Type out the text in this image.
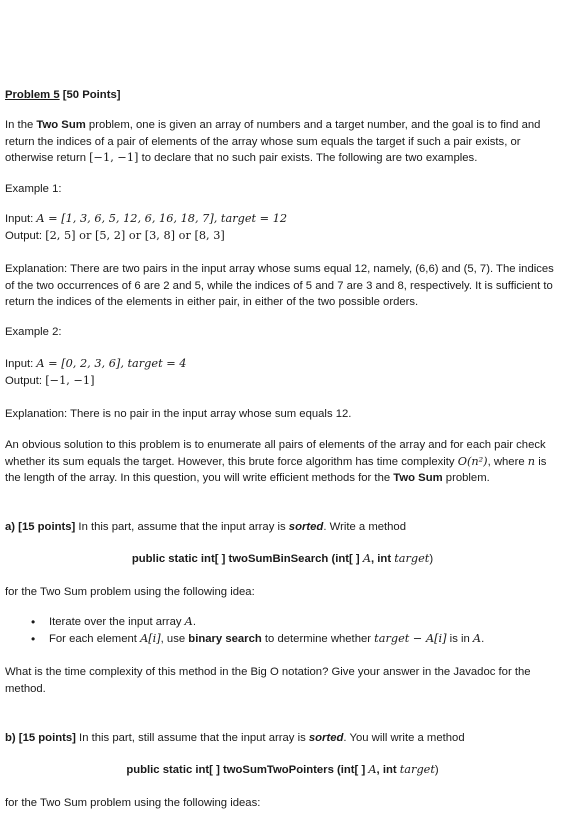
Problem 5 [50 Points]

In the Two Sum problem, one is given an array of numbers and a target number, and the goal is to find and return the indices of a pair of elements of the array whose sum equals the target if such a pair exists, or otherwise return [−1, −1] to declare that no such pair exists. The following are two examples.

Example 1:

Input: A = [1, 3, 6, 5, 12, 6, 16, 18, 7], target = 12

Output: [2, 5] or [5, 2] or [3, 8] or [8, 3]

Explanation: There are two pairs in the input array whose sums equal 12, namely, (6,6) and (5, 7). The indices of the two occurrences of 6 are 2 and 5, while the indices of 5 and 7 are 3 and 8, respectively. It is sufficient to return the indices of the elements in either pair, in either of the two possible orders.

Example 2:

Input: A = [0, 2, 3, 6], target = 4

Output: [−1, −1]

Explanation: There is no pair in the input array whose sum equals 12.

An obvious solution to this problem is to enumerate all pairs of elements of the array and for each pair check whether its sum equals the target. However, this brute force algorithm has time complexity O(n²), where n is the length of the array. In this question, you will write efficient methods for the Two Sum problem.

a) [15 points] In this part, assume that the input array is sorted. Write a method

public static int[ ] twoSumBinSearch (int[ ] A, int target)

for the Two Sum problem using the following idea:

• Iterate over the input array A.
• For each element A[i], use binary search to determine whether target − A[i] is in A.

What is the time complexity of this method in the Big O notation? Give your answer in the Javadoc for the method.

b) [15 points] In this part, still assume that the input array is sorted. You will write a method

public static int[ ] twoSumTwoPointers (int[ ] A, int target)

for the Two Sum problem using the following ideas:
